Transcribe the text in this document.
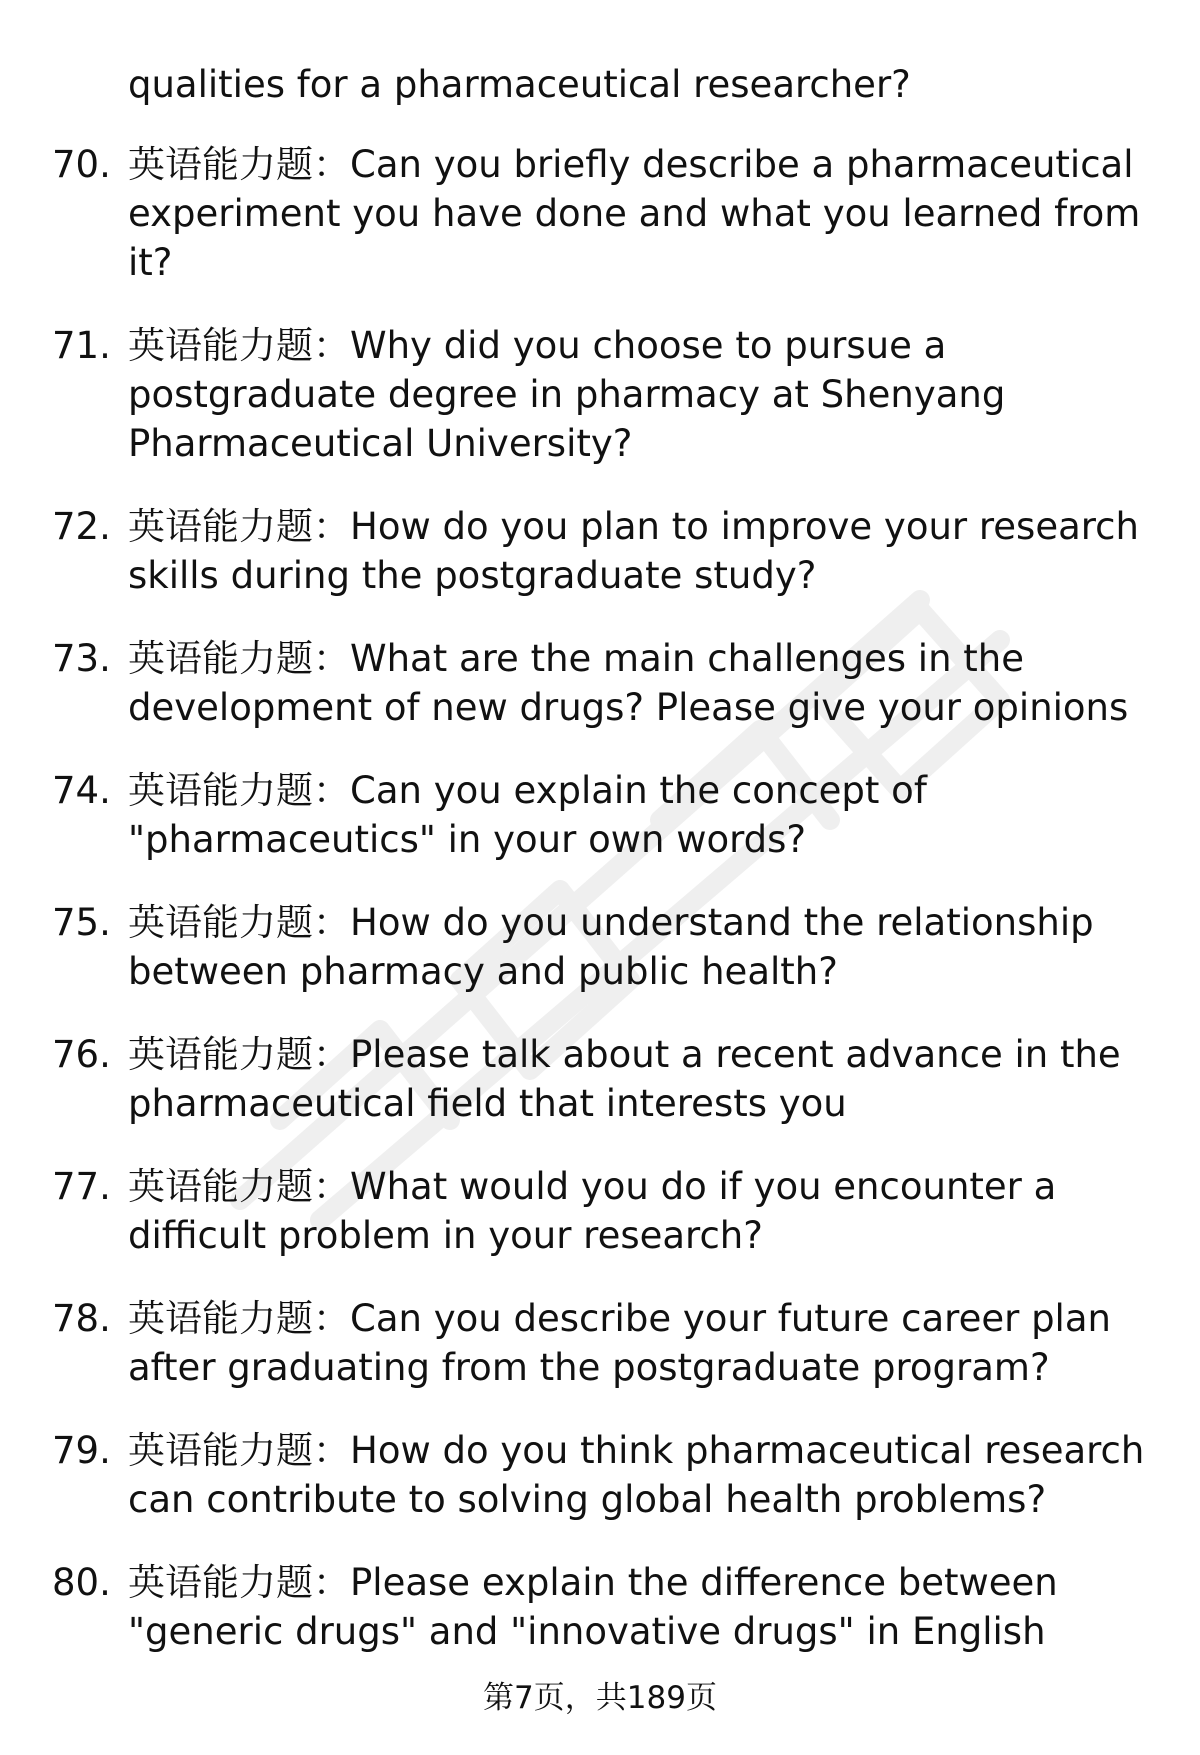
qualities for a pharmaceutical researcher?
70. 英语能力题：Can you briefly describe a pharmaceutical experiment you have done and what you learned from it?
71. 英语能力题：Why did you choose to pursue a postgraduate degree in pharmacy at Shenyang Pharmaceutical University?
72. 英语能力题：How do you plan to improve your research skills during the postgraduate study?
73. 英语能力题：What are the main challenges in the development of new drugs? Please give your opinions
74. 英语能力题：Can you explain the concept of "pharmaceutics" in your own words?
75. 英语能力题：How do you understand the relationship between pharmacy and public health?
76. 英语能力题：Please talk about a recent advance in the pharmaceutical field that interests you
77. 英语能力题：What would you do if you encounter a difficult problem in your research?
78. 英语能力题：Can you describe your future career plan after graduating from the postgraduate program?
79. 英语能力题：How do you think pharmaceutical research can contribute to solving global health problems?
80. 英语能力题：Please explain the difference between "generic drugs" and "innovative drugs" in English
第7页，共189页
